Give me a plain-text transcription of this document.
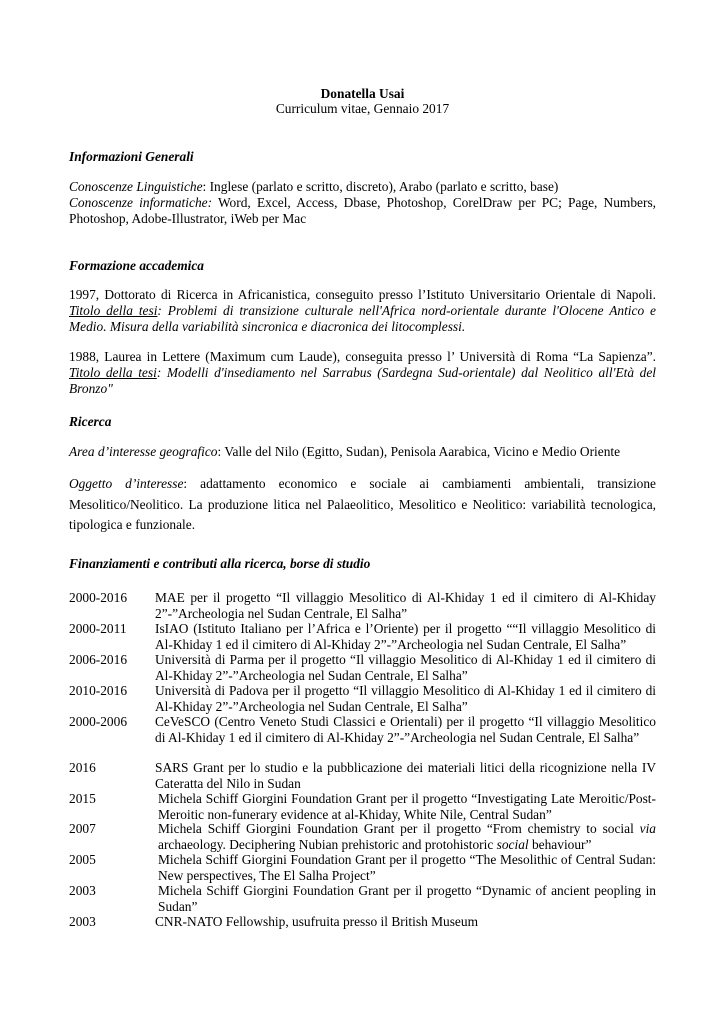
Donatella Usai
Curriculum vitae, Gennaio 2017
Informazioni Generali
Conoscenze Linguistiche: Inglese (parlato e scritto, discreto), Arabo (parlato e scritto, base)
Conoscenze informatiche: Word, Excel, Access, Dbase, Photoshop, CorelDraw per PC; Page, Numbers, Photoshop, Adobe-Illustrator, iWeb per Mac
Formazione accademica
1997, Dottorato di Ricerca in Africanistica, conseguito presso l’Istituto Universitario Orientale di Napoli. Titolo della tesi: Problemi di transizione culturale nell'Africa nord-orientale durante l'Olocene Antico e Medio. Misura della variabilità sincronica e diacronica dei litocomplessi.
1988, Laurea in Lettere (Maximum cum Laude), conseguita presso l’ Università di Roma “La Sapienza”. Titolo della tesi: Modelli d'insediamento nel Sarrabus (Sardegna Sud-orientale) dal Neolitico all'Età del Bronzo"
Ricerca
Area d’interesse geografico: Valle del Nilo (Egitto, Sudan), Penisola Aarabica, Vicino e Medio Oriente
Oggetto d’interesse: adattamento economico e sociale ai cambiamenti ambientali, transizione Mesolitico/Neolitico. La produzione litica nel Palaeolitico, Mesolitico e Neolitico: variabilità tecnologica, tipologica e funzionale.
Finanziamenti e contributi alla ricerca, borse di studio
2000-2016	MAE per il progetto “Il villaggio Mesolitico di Al-Khiday 1 ed il cimitero di Al-Khiday 2”-”Archeologia nel Sudan Centrale, El Salha”
2000-2011	IsIAO (Istituto Italiano per l’Africa e l’Oriente) per il progetto ““Il villaggio Mesolitico di Al-Khiday 1 ed il cimitero di Al-Khiday 2”-”Archeologia nel Sudan Centrale, El Salha”
2006-2016	Università di Parma per il progetto “Il villaggio Mesolitico di Al-Khiday 1 ed il cimitero di Al-Khiday 2”-”Archeologia nel Sudan Centrale, El Salha”
2010-2016	Università di Padova per il progetto “Il villaggio Mesolitico di Al-Khiday 1 ed il cimitero di Al-Khiday 2”-”Archeologia nel Sudan Centrale, El Salha”
2000-2006	CeVeSCO (Centro Veneto Studi Classici e Orientali) per il progetto “Il villaggio Mesolitico di Al-Khiday 1 ed il cimitero di Al-Khiday 2”-”Archeologia nel Sudan Centrale, El Salha”
2016	SARS Grant per lo studio e la pubblicazione dei materiali litici della ricognizione nella IV Cateratta del Nilo in Sudan
2015	Michela Schiff Giorgini Foundation Grant per il progetto “Investigating Late Meroitic/Post-Meroitic non-funerary evidence at al-Khiday, White Nile, Central Sudan”
2007	Michela Schiff Giorgini Foundation Grant per il progetto “From chemistry to social via archaeology. Deciphering Nubian prehistoric and protohistoric social behaviour”
2005	Michela Schiff Giorgini Foundation Grant per il progetto “The Mesolithic of Central Sudan: New perspectives, The El Salha Project”
2003	Michela Schiff Giorgini Foundation Grant per il progetto “Dynamic of ancient peopling in Sudan”
2003	CNR-NATO Fellowship, usufruita presso il British Museum
